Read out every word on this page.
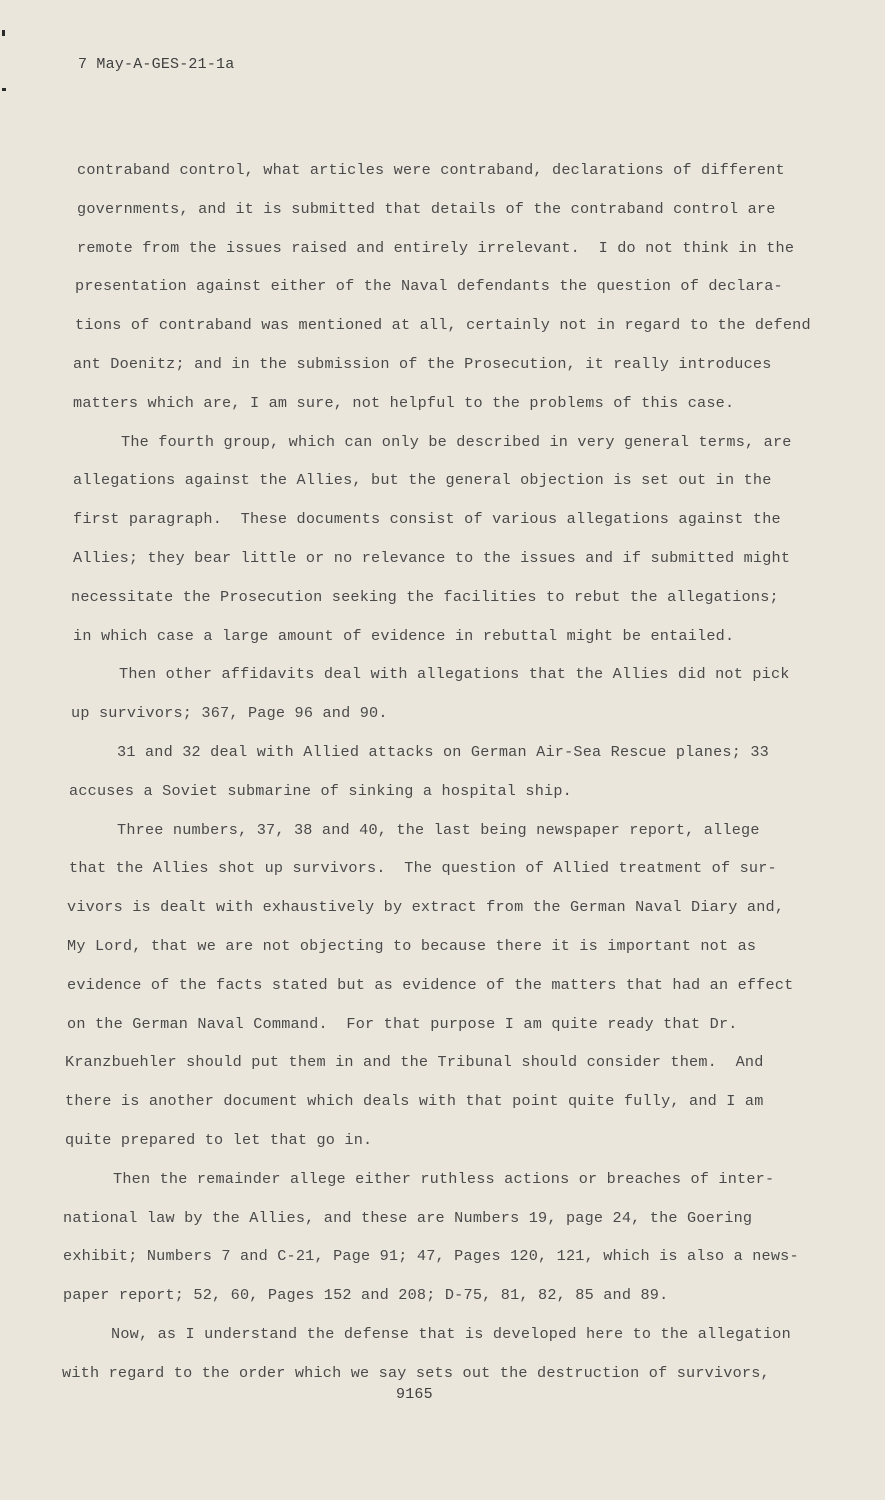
7 May-A-GES-21-1a
contraband control, what articles were contraband, declarations of different
governments, and it is submitted that details of the contraband control are
remote from the issues raised and entirely irrelevant.  I do not think in the
presentation against either of the Naval defendants the question of declara-
tions of contraband was mentioned at all, certainly not in regard to the defend
ant Doenitz; and in the submission of the Prosecution, it really introduces
matters which are, I am sure, not helpful to the problems of this case.
The fourth group, which can only be described in very general terms, are
allegations against the Allies, but the general objection is set out in the
first paragraph.  These documents consist of various allegations against the
Allies; they bear little or no relevance to the issues and if submitted might
necessitate the Prosecution seeking the facilities to rebut the allegations;
in which case a large amount of evidence in rebuttal might be entailed.
Then other affidavits deal with allegations that the Allies did not pick
up survivors; 367, Page 96 and 90.
31 and 32 deal with Allied attacks on German Air-Sea Rescue planes; 33
accuses a Soviet submarine of sinking a hospital ship.
Three numbers, 37, 38 and 40, the last being newspaper report, allege
that the Allies shot up survivors.  The question of Allied treatment of sur-
vivors is dealt with exhaustively by extract from the German Naval Diary and,
My Lord, that we are not objecting to because there it is important not as
evidence of the facts stated but as evidence of the matters that had an effect
on the German Naval Command.  For that purpose I am quite ready that Dr.
Kranzbuehler should put them in and the Tribunal should consider them.  And
there is another document which deals with that point quite fully, and I am
quite prepared to let that go in.
Then the remainder allege either ruthless actions or breaches of inter-
national law by the Allies, and these are Numbers 19, page 24, the Goering
exhibit; Numbers 7 and C-21, Page 91; 47, Pages 120, 121, which is also a news-
paper report; 52, 60, Pages 152 and 208; D-75, 81, 82, 85 and 89.
Now, as I understand the defense that is developed here to the allegation
with regard to the order which we say sets out the destruction of survivors,
9165
